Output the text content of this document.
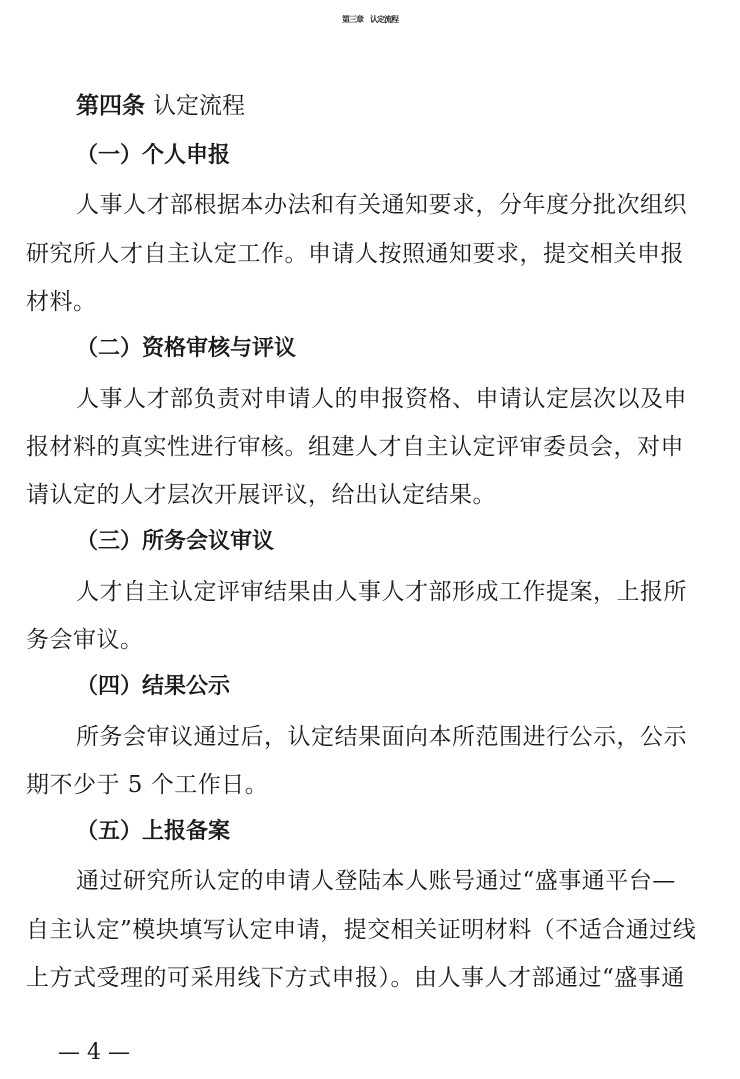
第三章　认定流程
第四条 认定流程
（一）个人申报
人事人才部根据本办法和有关通知要求，分年度分批次组织
研究所人才自主认定工作。申请人按照通知要求，提交相关申报
材料。
（二）资格审核与评议
人事人才部负责对申请人的申报资格、申请认定层次以及申
报材料的真实性进行审核。组建人才自主认定评审委员会，对申
请认定的人才层次开展评议，给出认定结果。
（三）所务会议审议
人才自主认定评审结果由人事人才部形成工作提案，上报所
务会审议。
（四）结果公示
所务会审议通过后，认定结果面向本所范围进行公示，公示
期不少于 5 个工作日。
（五）上报备案
通过研究所认定的申请人登陆本人账号通过“盛事通平台—
自主认定”模块填写认定申请，提交相关证明材料（不适合通过线
上方式受理的可采用线下方式申报）。由人事人才部通过“盛事通
— 4 —
